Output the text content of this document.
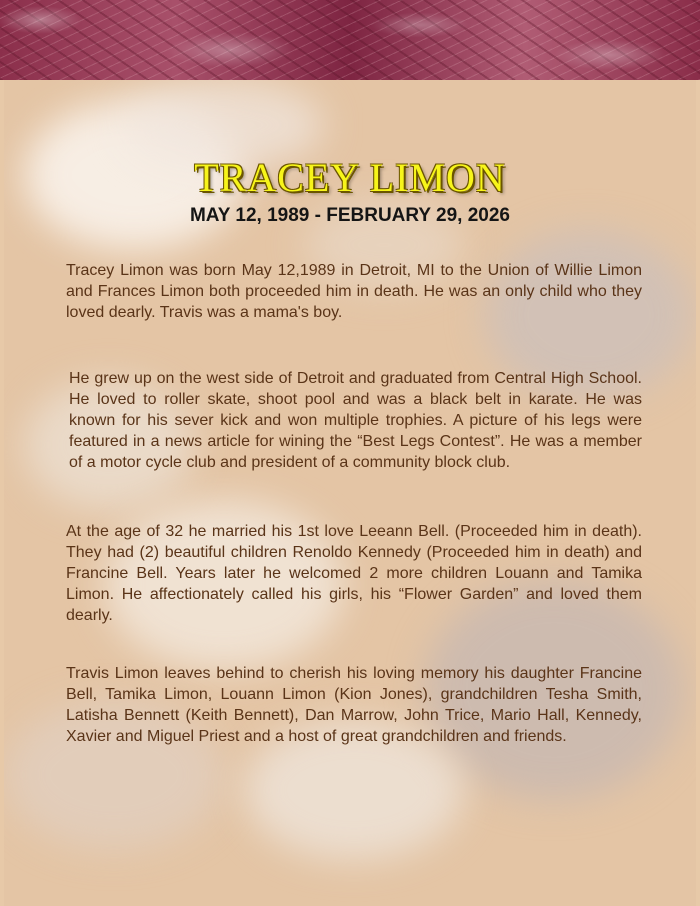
TRACEY LIMON
MAY 12, 1989 - FEBRUARY 29, 2026

Tracey Limon was born May 12,1989 in Detroit, MI to the Union of Willie Limon and Frances Limon both proceeded him in death. He was an only child who they loved dearly. Travis was a mama's boy.

He grew up on the west side of Detroit and graduated from Central High School. He loved to roller skate, shoot pool and was a black belt in karate. He was known for his sever kick and won multiple trophies. A picture of his legs were featured in a news article for wining the “Best Legs Contest”. He was a member of a motor cycle club and president of a community block club.

At the age of 32 he married his 1st love Leeann Bell. (Proceeded him in death). They had (2) beautiful children Renoldo Kennedy (Proceeded him in death) and Francine Bell. Years later he welcomed 2 more children Louann and Tamika Limon. He affectionately called his girls, his “Flower Garden” and loved them dearly.

Travis Limon leaves behind to cherish his loving memory his daughter Francine Bell, Tamika Limon, Louann Limon (Kion Jones), grandchildren Tesha Smith, Latisha Bennett (Keith Bennett), Dan Marrow, John Trice, Mario Hall, Kennedy, Xavier and Miguel Priest and a host of great grandchildren and friends.
